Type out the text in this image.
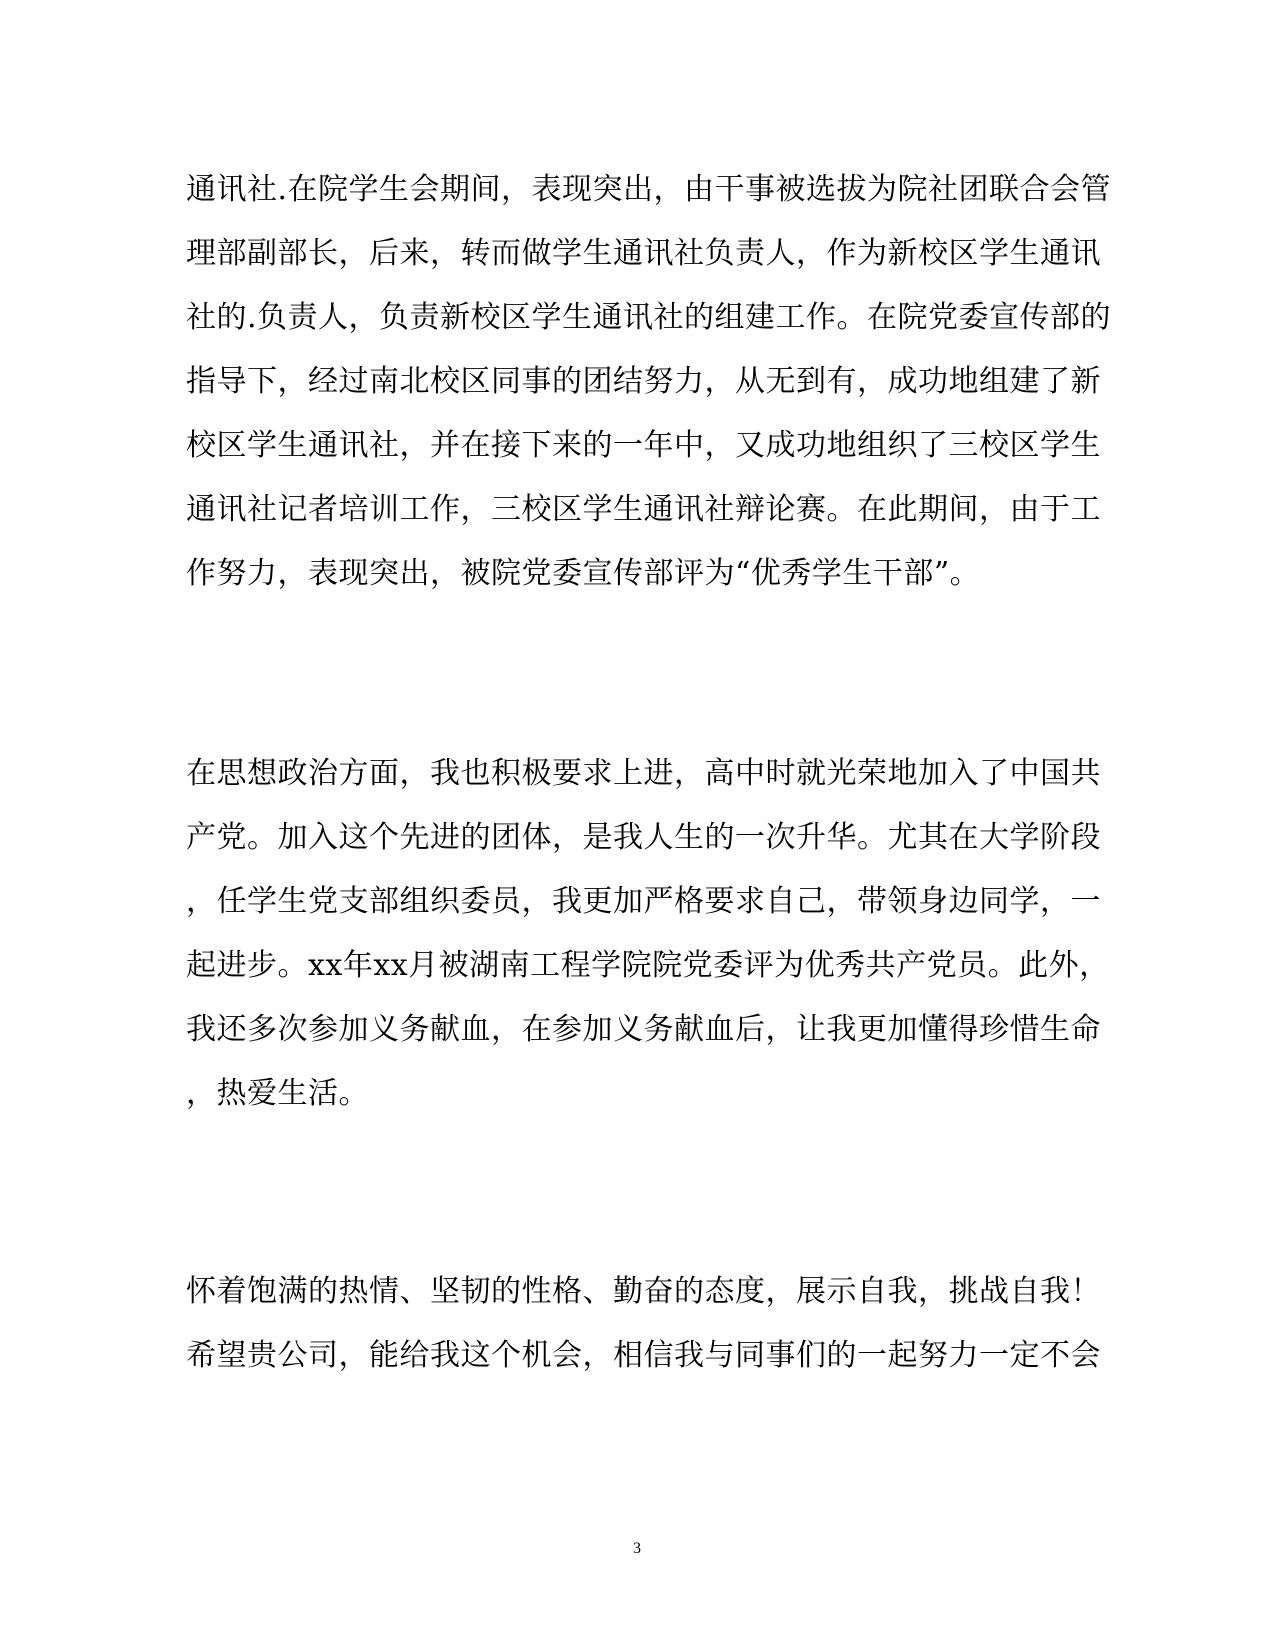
通讯社.在院学生会期间，表现突出，由干事被选拔为院社团联合会管
理部副部长，后来，转而做学生通讯社负责人，作为新校区学生通讯
社的.负责人，负责新校区学生通讯社的组建工作。在院党委宣传部的
指导下，经过南北校区同事的团结努力，从无到有，成功地组建了新
校区学生通讯社，并在接下来的一年中，又成功地组织了三校区学生
通讯社记者培训工作，三校区学生通讯社辩论赛。在此期间，由于工
作努力，表现突出，被院党委宣传部评为“优秀学生干部”。
在思想政治方面，我也积极要求上进，高中时就光荣地加入了中国共
产党。加入这个先进的团体，是我人生的一次升华。尤其在大学阶段
，任学生党支部组织委员，我更加严格要求自己，带领身边同学，一
起进步。xx年xx月被湖南工程学院院党委评为优秀共产党员。此外，
我还多次参加义务献血，在参加义务献血后，让我更加懂得珍惜生命
，热爱生活。
怀着饱满的热情、坚韧的性格、勤奋的态度，展示自我，挑战自我！
希望贵公司，能给我这个机会，相信我与同事们的一起努力一定不会
3
